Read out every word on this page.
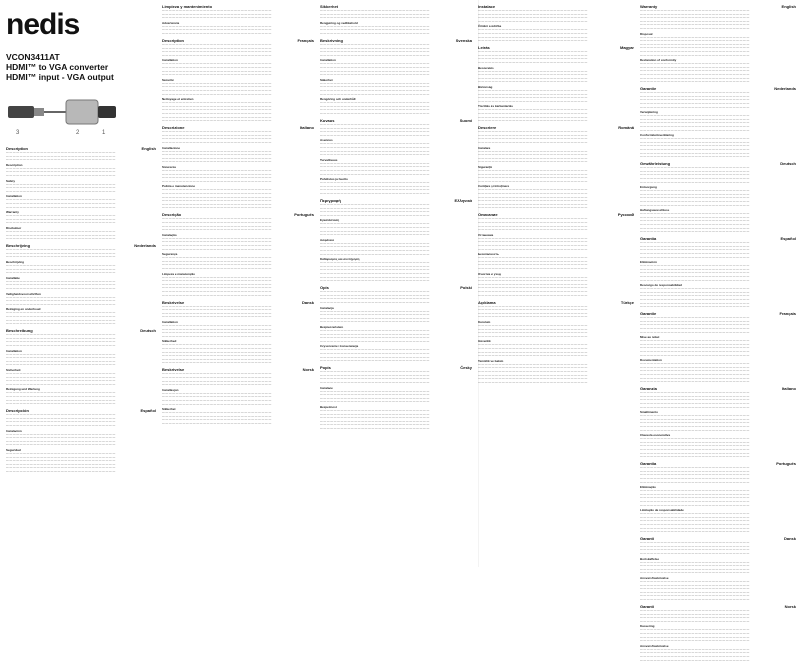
nedis
VCON3411AT
HDMI™ to VGA converter
HDMI™ input - VGA output
1
2
3
Description	English
— — — — — — — — — — — — — — — — — — — — — — — — — — — — — — — —
— — — — — — — — — — — — — — — — — — — — — — — — — — — — — — — —
— — — — — — — — — — — — — — — — — — — — — — — — — — — — — — — —
Description
— — — — — — — — — — — — — — — — — — — — — — — — — — — — — — — —
— — — — — — — — — — — — — — — — — — — — — — — — — — — — — — — —
— — — — — — — — — — — — — — — — — — — — — — — — — — — — — — — —
Safety
— — — — — — — — — — — — — — — — — — — — — — — — — — — — — — — —
— — — — — — — — — — — — — — — — — — — — — — — — — — — — — — — —
— — — — — — — — — — — — — — — — — — — — — — — — — — — — — — — —
Installation
— — — — — — — — — — — — — — — — — — — — — — — — — — — — — — — —
— — — — — — — — — — — — — — — — — — — — — — — — — — — — — — — —
— — — — — — — — — — — — — — — — — — — — — — — — — — — — — — — —
Warranty
— — — — — — — — — — — — — — — — — — — — — — — — — — — — — — — —
— — — — — — — — — — — — — — — — — — — — — — — — — — — — — — — —
— — — — — — — — — — — — — — — — — — — — — — — — — — — — — — — —
Disclaimer
— — — — — — — — — — — — — — — — — — — — — — — — — — — — — — — —
— — — — — — — — — — — — — — — — — — — — — — — — — — — — — — — —
— — — — — — — — — — — — — — — — — — — — — — — — — — — — — — — —
Beschrijving	Nederlands
— — — — — — — — — — — — — — — — — — — — — — — — — — — — — — — —
— — — — — — — — — — — — — — — — — — — — — — — — — — — — — — — —
— — — — — — — — — — — — — — — — — — — — — — — — — — — — — — — —
Beschrijving
— — — — — — — — — — — — — — — — — — — — — — — — — — — — — — — —
— — — — — — — — — — — — — — — — — — — — — — — — — — — — — — — —
— — — — — — — — — — — — — — — — — — — — — — — — — — — — — — — —
Installatie
— — — — — — — — — — — — — — — — — — — — — — — — — — — — — — — —
— — — — — — — — — — — — — — — — — — — — — — — — — — — — — — — —
— — — — — — — — — — — — — — — — — — — — — — — — — — — — — — — —
Veiligheidsvoorschriften
— — — — — — — — — — — — — — — — — — — — — — — — — — — — — — — —
— — — — — — — — — — — — — — — — — — — — — — — — — — — — — — — —
— — — — — — — — — — — — — — — — — — — — — — — — — — — — — — — —
Reiniging en onderhoud
— — — — — — — — — — — — — — — — — — — — — — — — — — — — — — — —
— — — — — — — — — — — — — — — — — — — — — — — — — — — — — — — —
— — — — — — — — — — — — — — — — — — — — — — — — — — — — — — — —
— — — — — — — — — — — — — — — — — — — — — — — — — — — — — — — —
Beschreibung	Deutsch
— — — — — — — — — — — — — — — — — — — — — — — — — — — — — — — —
— — — — — — — — — — — — — — — — — — — — — — — — — — — — — — — —
— — — — — — — — — — — — — — — — — — — — — — — — — — — — — — — —
— — — — — — — — — — — — — — — — — — — — — — — — — — — — — — — —
Installation
— — — — — — — — — — — — — — — — — — — — — — — — — — — — — — — —
— — — — — — — — — — — — — — — — — — — — — — — — — — — — — — — —
— — — — — — — — — — — — — — — — — — — — — — — — — — — — — — — —
— — — — — — — — — — — — — — — — — — — — — — — — — — — — — — — —
Sicherheit
— — — — — — — — — — — — — — — — — — — — — — — — — — — — — — — —
— — — — — — — — — — — — — — — — — — — — — — — — — — — — — — — —
— — — — — — — — — — — — — — — — — — — — — — — — — — — — — — — —
— — — — — — — — — — — — — — — — — — — — — — — — — — — — — — — —
Reinigung und Wartung
— — — — — — — — — — — — — — — — — — — — — — — — — — — — — — — —
— — — — — — — — — — — — — — — — — — — — — — — — — — — — — — — —
— — — — — — — — — — — — — — — — — — — — — — — — — — — — — — — —
— — — — — — — — — — — — — — — — — — — — — — — — — — — — — — — —
Descripción	Español
— — — — — — — — — — — — — — — — — — — — — — — — — — — — — — — —
— — — — — — — — — — — — — — — — — — — — — — — — — — — — — — — —
— — — — — — — — — — — — — — — — — — — — — — — — — — — — — — — —
— — — — — — — — — — — — — — — — — — — — — — — — — — — — — — — —
Instalación
— — — — — — — — — — — — — — — — — — — — — — — — — — — — — — — —
— — — — — — — — — — — — — — — — — — — — — — — — — — — — — — — —
— — — — — — — — — — — — — — — — — — — — — — — — — — — — — — — —
— — — — — — — — — — — — — — — — — — — — — — — — — — — — — — — —
Seguridad
— — — — — — — — — — — — — — — — — — — — — — — — — — — — — — — —
— — — — — — — — — — — — — — — — — — — — — — — — — — — — — — — —
— — — — — — — — — — — — — — — — — — — — — — — — — — — — — — — —
— — — — — — — — — — — — — — — — — — — — — — — — — — — — — — — —
— — — — — — — — — — — — — — — — — — — — — — — — — — — — — — — —
— — — — — — — — — — — — — — — — — — — — — — — — — — — — — — — —
Limpieza y mantenimiento
— — — — — — — — — — — — — — — — — — — — — — — — — — — — — — — —
— — — — — — — — — — — — — — — — — — — — — — — — — — — — — — — —
— — — — — — — — — — — — — — — — — — — — — — — — — — — — — — — —
Advertencia
— — — — — — — — — — — — — — — — — — — — — — — — — — — — — — — —
— — — — — — — — — — — — — — — — — — — — — — — — — — — — — — — —
— — — — — — — — — — — — — — — — — — — — — — — — — — — — — — — —
Description	Français
— — — — — — — — — — — — — — — — — — — — — — — — — — — — — — — —
— — — — — — — — — — — — — — — — — — — — — — — — — — — — — — — —
— — — — — — — — — — — — — — — — — — — — — — — — — — — — — — — —
— — — — — — — — — — — — — — — — — — — — — — — — — — — — — — — —
Installation
— — — — — — — — — — — — — — — — — — — — — — — — — — — — — — — —
— — — — — — — — — — — — — — — — — — — — — — — — — — — — — — — —
— — — — — — — — — — — — — — — — — — — — — — — — — — — — — — — —
— — — — — — — — — — — — — — — — — — — — — — — — — — — — — — — —
Sécurité
— — — — — — — — — — — — — — — — — — — — — — — — — — — — — — — —
— — — — — — — — — — — — — — — — — — — — — — — — — — — — — — — —
— — — — — — — — — — — — — — — — — — — — — — — — — — — — — — — —
— — — — — — — — — — — — — — — — — — — — — — — — — — — — — — — —
Nettoyage et entretien
— — — — — — — — — — — — — — — — — — — — — — — — — — — — — — — —
— — — — — — — — — — — — — — — — — — — — — — — — — — — — — — — —
— — — — — — — — — — — — — — — — — — — — — — — — — — — — — — — —
— — — — — — — — — — — — — — — — — — — — — — — — — — — — — — — —
— — — — — — — — — — — — — — — — — — — — — — — — — — — — — — — —
— — — — — — — — — — — — — — — — — — — — — — — — — — — — — — — —
Descrizione	Italiano
— — — — — — — — — — — — — — — — — — — — — — — — — — — — — — — —
— — — — — — — — — — — — — — — — — — — — — — — — — — — — — — — —
— — — — — — — — — — — — — — — — — — — — — — — — — — — — — — — —
— — — — — — — — — — — — — — — — — — — — — — — — — — — — — — — —
Installazione
— — — — — — — — — — — — — — — — — — — — — — — — — — — — — — — —
— — — — — — — — — — — — — — — — — — — — — — — — — — — — — — — —
— — — — — — — — — — — — — — — — — — — — — — — — — — — — — — — —
— — — — — — — — — — — — — — — — — — — — — — — — — — — — — — — —
Sicurezza
— — — — — — — — — — — — — — — — — — — — — — — — — — — — — — — —
— — — — — — — — — — — — — — — — — — — — — — — — — — — — — — — —
— — — — — — — — — — — — — — — — — — — — — — — — — — — — — — — —
— — — — — — — — — — — — — — — — — — — — — — — — — — — — — — — —
Pulizia e manutenzione
— — — — — — — — — — — — — — — — — — — — — — — — — — — — — — — —
— — — — — — — — — — — — — — — — — — — — — — — — — — — — — — — —
— — — — — — — — — — — — — — — — — — — — — — — — — — — — — — — —
— — — — — — — — — — — — — — — — — — — — — — — — — — — — — — — —
— — — — — — — — — — — — — — — — — — — — — — — — — — — — — — — —
— — — — — — — — — — — — — — — — — — — — — — — — — — — — — — — —
Descrição	Português
— — — — — — — — — — — — — — — — — — — — — — — — — — — — — — — —
— — — — — — — — — — — — — — — — — — — — — — — — — — — — — — — —
— — — — — — — — — — — — — — — — — — — — — — — — — — — — — — — —
— — — — — — — — — — — — — — — — — — — — — — — — — — — — — — — —
Instalação
— — — — — — — — — — — — — — — — — — — — — — — — — — — — — — — —
— — — — — — — — — — — — — — — — — — — — — — — — — — — — — — — —
— — — — — — — — — — — — — — — — — — — — — — — — — — — — — — — —
— — — — — — — — — — — — — — — — — — — — — — — — — — — — — — — —
Segurança
— — — — — — — — — — — — — — — — — — — — — — — — — — — — — — — —
— — — — — — — — — — — — — — — — — — — — — — — — — — — — — — — —
— — — — — — — — — — — — — — — — — — — — — — — — — — — — — — — —
— — — — — — — — — — — — — — — — — — — — — — — — — — — — — — — —
Limpeza e manutenção
— — — — — — — — — — — — — — — — — — — — — — — — — — — — — — — —
— — — — — — — — — — — — — — — — — — — — — — — — — — — — — — — —
— — — — — — — — — — — — — — — — — — — — — — — — — — — — — — — —
— — — — — — — — — — — — — — — — — — — — — — — — — — — — — — — —
— — — — — — — — — — — — — — — — — — — — — — — — — — — — — — — —
— — — — — — — — — — — — — — — — — — — — — — — — — — — — — — — —
Beskrivelse	Dansk
— — — — — — — — — — — — — — — — — — — — — — — — — — — — — — — —
— — — — — — — — — — — — — — — — — — — — — — — — — — — — — — — —
— — — — — — — — — — — — — — — — — — — — — — — — — — — — — — — —
— — — — — — — — — — — — — — — — — — — — — — — — — — — — — — — —
Installation
— — — — — — — — — — — — — — — — — — — — — — — — — — — — — — — —
— — — — — — — — — — — — — — — — — — — — — — — — — — — — — — — —
— — — — — — — — — — — — — — — — — — — — — — — — — — — — — — — —
— — — — — — — — — — — — — — — — — — — — — — — — — — — — — — — —
Sikkerhed
— — — — — — — — — — — — — — — — — — — — — — — — — — — — — — — —
— — — — — — — — — — — — — — — — — — — — — — — — — — — — — — — —
— — — — — — — — — — — — — — — — — — — — — — — — — — — — — — — —
— — — — — — — — — — — — — — — — — — — — — — — — — — — — — — — —
— — — — — — — — — — — — — — — — — — — — — — — — — — — — — — — —
— — — — — — — — — — — — — — — — — — — — — — — — — — — — — — — —
Beskrivelse	Norsk
— — — — — — — — — — — — — — — — — — — — — — — — — — — — — — — —
— — — — — — — — — — — — — — — — — — — — — — — — — — — — — — — —
— — — — — — — — — — — — — — — — — — — — — — — — — — — — — — — —
— — — — — — — — — — — — — — — — — — — — — — — — — — — — — — — —
Installasjon
— — — — — — — — — — — — — — — — — — — — — — — — — — — — — — — —
— — — — — — — — — — — — — — — — — — — — — — — — — — — — — — — —
— — — — — — — — — — — — — — — — — — — — — — — — — — — — — — — —
— — — — — — — — — — — — — — — — — — — — — — — — — — — — — — — —
Sikkerhet
— — — — — — — — — — — — — — — — — — — — — — — — — — — — — — — —
— — — — — — — — — — — — — — — — — — — — — — — — — — — — — — — —
— — — — — — — — — — — — — — — — — — — — — — — — — — — — — — — —
— — — — — — — — — — — — — — — — — — — — — — — — — — — — — — — —
Sikkerhet
— — — — — — — — — — — — — — — — — — — — — — — — — — — — — — — —
— — — — — — — — — — — — — — — — — — — — — — — — — — — — — — — —
— — — — — — — — — — — — — — — — — — — — — — — — — — — — — — — —
Rengjøring og vedlikehold
— — — — — — — — — — — — — — — — — — — — — — — — — — — — — — — —
— — — — — — — — — — — — — — — — — — — — — — — — — — — — — — — —
— — — — — — — — — — — — — — — — — — — — — — — — — — — — — — — —
Beskrivning	Svenska
— — — — — — — — — — — — — — — — — — — — — — — — — — — — — — — —
— — — — — — — — — — — — — — — — — — — — — — — — — — — — — — — —
— — — — — — — — — — — — — — — — — — — — — — — — — — — — — — — —
— — — — — — — — — — — — — — — — — — — — — — — — — — — — — — — —
Installation
— — — — — — — — — — — — — — — — — — — — — — — — — — — — — — — —
— — — — — — — — — — — — — — — — — — — — — — — — — — — — — — — —
— — — — — — — — — — — — — — — — — — — — — — — — — — — — — — — —
— — — — — — — — — — — — — — — — — — — — — — — — — — — — — — — —
Säkerhet
— — — — — — — — — — — — — — — — — — — — — — — — — — — — — — — —
— — — — — — — — — — — — — — — — — — — — — — — — — — — — — — — —
— — — — — — — — — — — — — — — — — — — — — — — — — — — — — — — —
— — — — — — — — — — — — — — — — — — — — — — — — — — — — — — — —
Rengöring och underhåll
— — — — — — — — — — — — — — — — — — — — — — — — — — — — — — — —
— — — — — — — — — — — — — — — — — — — — — — — — — — — — — — — —
— — — — — — — — — — — — — — — — — — — — — — — — — — — — — — — —
— — — — — — — — — — — — — — — — — — — — — — — — — — — — — — — —
Kuvaus	Suomi
— — — — — — — — — — — — — — — — — — — — — — — — — — — — — — — —
— — — — — — — — — — — — — — — — — — — — — — — — — — — — — — — —
— — — — — — — — — — — — — — — — — — — — — — — — — — — — — — — —
— — — — — — — — — — — — — — — — — — — — — — — — — — — — — — — —
Asennus
— — — — — — — — — — — — — — — — — — — — — — — — — — — — — — — —
— — — — — — — — — — — — — — — — — — — — — — — — — — — — — — — —
— — — — — — — — — — — — — — — — — — — — — — — — — — — — — — — —
— — — — — — — — — — — — — — — — — — — — — — — — — — — — — — — —
Turvallisuus
— — — — — — — — — — — — — — — — — — — — — — — — — — — — — — — —
— — — — — — — — — — — — — — — — — — — — — — — — — — — — — — — —
— — — — — — — — — — — — — — — — — — — — — — — — — — — — — — — —
— — — — — — — — — — — — — — — — — — — — — — — — — — — — — — — —
Puhdistus ja huolto
— — — — — — — — — — — — — — — — — — — — — — — — — — — — — — — —
— — — — — — — — — — — — — — — — — — — — — — — — — — — — — — — —
— — — — — — — — — — — — — — — — — — — — — — — — — — — — — — — —
— — — — — — — — — — — — — — — — — — — — — — — — — — — — — — — —
Περιγραφή	Ελληνικά
— — — — — — — — — — — — — — — — — — — — — — — — — — — — — — — —
— — — — — — — — — — — — — — — — — — — — — — — — — — — — — — — —
— — — — — — — — — — — — — — — — — — — — — — — — — — — — — — — —
— — — — — — — — — — — — — — — — — — — — — — — — — — — — — — — —
Εγκατάσταση
— — — — — — — — — — — — — — — — — — — — — — — — — — — — — — — —
— — — — — — — — — — — — — — — — — — — — — — — — — — — — — — — —
— — — — — — — — — — — — — — — — — — — — — — — — — — — — — — — —
— — — — — — — — — — — — — — — — — — — — — — — — — — — — — — — —
Ασφάλεια
— — — — — — — — — — — — — — — — — — — — — — — — — — — — — — — —
— — — — — — — — — — — — — — — — — — — — — — — — — — — — — — — —
— — — — — — — — — — — — — — — — — — — — — — — — — — — — — — — —
— — — — — — — — — — — — — — — — — — — — — — — — — — — — — — — —
Καθαρισμός και συντήρηση
— — — — — — — — — — — — — — — — — — — — — — — — — — — — — — — —
— — — — — — — — — — — — — — — — — — — — — — — — — — — — — — — —
— — — — — — — — — — — — — — — — — — — — — — — — — — — — — — — —
— — — — — — — — — — — — — — — — — — — — — — — — — — — — — — — —
— — — — — — — — — — — — — — — — — — — — — — — — — — — — — — — —
— — — — — — — — — — — — — — — — — — — — — — — — — — — — — — — —
Opis	Polski
— — — — — — — — — — — — — — — — — — — — — — — — — — — — — — — —
— — — — — — — — — — — — — — — — — — — — — — — — — — — — — — — —
— — — — — — — — — — — — — — — — — — — — — — — — — — — — — — — —
— — — — — — — — — — — — — — — — — — — — — — — — — — — — — — — —
Instalacja
— — — — — — — — — — — — — — — — — — — — — — — — — — — — — — — —
— — — — — — — — — — — — — — — — — — — — — — — — — — — — — — — —
— — — — — — — — — — — — — — — — — — — — — — — — — — — — — — — —
— — — — — — — — — — — — — — — — — — — — — — — — — — — — — — — —
Bezpieczeństwo
— — — — — — — — — — — — — — — — — — — — — — — — — — — — — — — —
— — — — — — — — — — — — — — — — — — — — — — — — — — — — — — — —
— — — — — — — — — — — — — — — — — — — — — — — — — — — — — — — —
— — — — — — — — — — — — — — — — — — — — — — — — — — — — — — — —
Czyszczenie i konserwacja
— — — — — — — — — — — — — — — — — — — — — — — — — — — — — — — —
— — — — — — — — — — — — — — — — — — — — — — — — — — — — — — — —
— — — — — — — — — — — — — — — — — — — — — — — — — — — — — — — —
— — — — — — — — — — — — — — — — — — — — — — — — — — — — — — — —
Popis	Česky
— — — — — — — — — — — — — — — — — — — — — — — — — — — — — — — —
— — — — — — — — — — — — — — — — — — — — — — — — — — — — — — — —
— — — — — — — — — — — — — — — — — — — — — — — — — — — — — — — —
— — — — — — — — — — — — — — — — — — — — — — — — — — — — — — — —
Instalace
— — — — — — — — — — — — — — — — — — — — — — — — — — — — — — — —
— — — — — — — — — — — — — — — — — — — — — — — — — — — — — — — —
— — — — — — — — — — — — — — — — — — — — — — — — — — — — — — — —
— — — — — — — — — — — — — — — — — — — — — — — — — — — — — — — —
Bezpečnost
— — — — — — — — — — — — — — — — — — — — — — — — — — — — — — — —
— — — — — — — — — — — — — — — — — — — — — — — — — — — — — — — —
— — — — — — — — — — — — — — — — — — — — — — — — — — — — — — — —
— — — — — — — — — — — — — — — — — — — — — — — — — — — — — — — —
— — — — — — — — — — — — — — — — — — — — — — — — — — — — — — — —
— — — — — — — — — — — — — — — — — — — — — — — — — — — — — — — —
Instalace
— — — — — — — — — — — — — — — — — — — — — — — — — — — — — — — —
— — — — — — — — — — — — — — — — — — — — — — — — — — — — — — — —
— — — — — — — — — — — — — — — — — — — — — — — — — — — — — — — —
— — — — — — — — — — — — — — — — — — — — — — — — — — — — — — — —
Čištění a údržba
— — — — — — — — — — — — — — — — — — — — — — — — — — — — — — — —
— — — — — — — — — — — — — — — — — — — — — — — — — — — — — — — —
— — — — — — — — — — — — — — — — — — — — — — — — — — — — — — — —
— — — — — — — — — — — — — — — — — — — — — — — — — — — — — — — —
Leírás	Magyar
— — — — — — — — — — — — — — — — — — — — — — — — — — — — — — — —
— — — — — — — — — — — — — — — — — — — — — — — — — — — — — — — —
— — — — — — — — — — — — — — — — — — — — — — — — — — — — — — — —
— — — — — — — — — — — — — — — — — — — — — — — — — — — — — — — —
Beszerelés
— — — — — — — — — — — — — — — — — — — — — — — — — — — — — — — —
— — — — — — — — — — — — — — — — — — — — — — — — — — — — — — — —
— — — — — — — — — — — — — — — — — — — — — — — — — — — — — — — —
— — — — — — — — — — — — — — — — — — — — — — — — — — — — — — — —
Biztonság
— — — — — — — — — — — — — — — — — — — — — — — — — — — — — — — —
— — — — — — — — — — — — — — — — — — — — — — — — — — — — — — — —
— — — — — — — — — — — — — — — — — — — — — — — — — — — — — — — —
— — — — — — — — — — — — — — — — — — — — — — — — — — — — — — — —
Tisztítás és karbantartás
— — — — — — — — — — — — — — — — — — — — — — — — — — — — — — — —
— — — — — — — — — — — — — — — — — — — — — — — — — — — — — — — —
— — — — — — — — — — — — — — — — — — — — — — — — — — — — — — — —
— — — — — — — — — — — — — — — — — — — — — — — — — — — — — — — —
Descriere	Română
— — — — — — — — — — — — — — — — — — — — — — — — — — — — — — — —
— — — — — — — — — — — — — — — — — — — — — — — — — — — — — — — —
— — — — — — — — — — — — — — — — — — — — — — — — — — — — — — — —
— — — — — — — — — — — — — — — — — — — — — — — — — — — — — — — —
Instalare
— — — — — — — — — — — — — — — — — — — — — — — — — — — — — — — —
— — — — — — — — — — — — — — — — — — — — — — — — — — — — — — — —
— — — — — — — — — — — — — — — — — — — — — — — — — — — — — — — —
— — — — — — — — — — — — — — — — — — — — — — — — — — — — — — — —
Siguranţă
— — — — — — — — — — — — — — — — — — — — — — — — — — — — — — — —
— — — — — — — — — — — — — — — — — — — — — — — — — — — — — — — —
— — — — — — — — — — — — — — — — — — — — — — — — — — — — — — — —
— — — — — — — — — — — — — — — — — — — — — — — — — — — — — — — —
Curăţare şi întreţinere
— — — — — — — — — — — — — — — — — — — — — — — — — — — — — — — —
— — — — — — — — — — — — — — — — — — — — — — — — — — — — — — — —
— — — — — — — — — — — — — — — — — — — — — — — — — — — — — — — —
— — — — — — — — — — — — — — — — — — — — — — — — — — — — — — — —
— — — — — — — — — — — — — — — — — — — — — — — — — — — — — — — —
— — — — — — — — — — — — — — — — — — — — — — — — — — — — — — — —
Описание	Русский
— — — — — — — — — — — — — — — — — — — — — — — — — — — — — — — —
— — — — — — — — — — — — — — — — — — — — — — — — — — — — — — — —
— — — — — — — — — — — — — — — — — — — — — — — — — — — — — — — —
— — — — — — — — — — — — — — — — — — — — — — — — — — — — — — — —
Установка
— — — — — — — — — — — — — — — — — — — — — — — — — — — — — — — —
— — — — — — — — — — — — — — — — — — — — — — — — — — — — — — — —
— — — — — — — — — — — — — — — — — — — — — — — — — — — — — — — —
— — — — — — — — — — — — — — — — — — — — — — — — — — — — — — — —
Безопасность
— — — — — — — — — — — — — — — — — — — — — — — — — — — — — — — —
— — — — — — — — — — — — — — — — — — — — — — — — — — — — — — — —
— — — — — — — — — — — — — — — — — — — — — — — — — — — — — — — —
— — — — — — — — — — — — — — — — — — — — — — — — — — — — — — — —
Очистка и уход
— — — — — — — — — — — — — — — — — — — — — — — — — — — — — — — —
— — — — — — — — — — — — — — — — — — — — — — — — — — — — — — — —
— — — — — — — — — — — — — — — — — — — — — — — — — — — — — — — —
— — — — — — — — — — — — — — — — — — — — — — — — — — — — — — — —
— — — — — — — — — — — — — — — — — — — — — — — — — — — — — — — —
— — — — — — — — — — — — — — — — — — — — — — — — — — — — — — — —
Açıklama	Türkçe
— — — — — — — — — — — — — — — — — — — — — — — — — — — — — — — —
— — — — — — — — — — — — — — — — — — — — — — — — — — — — — — — —
— — — — — — — — — — — — — — — — — — — — — — — — — — — — — — — —
— — — — — — — — — — — — — — — — — — — — — — — — — — — — — — — —
Kurulum
— — — — — — — — — — — — — — — — — — — — — — — — — — — — — — — —
— — — — — — — — — — — — — — — — — — — — — — — — — — — — — — — —
— — — — — — — — — — — — — — — — — — — — — — — — — — — — — — — —
— — — — — — — — — — — — — — — — — — — — — — — — — — — — — — — —
Güvenlik
— — — — — — — — — — — — — — — — — — — — — — — — — — — — — — — —
— — — — — — — — — — — — — — — — — — — — — — — — — — — — — — — —
— — — — — — — — — — — — — — — — — — — — — — — — — — — — — — — —
— — — — — — — — — — — — — — — — — — — — — — — — — — — — — — — —
Temizlik ve bakım
— — — — — — — — — — — — — — — — — — — — — — — — — — — — — — — —
— — — — — — — — — — — — — — — — — — — — — — — — — — — — — — — —
— — — — — — — — — — — — — — — — — — — — — — — — — — — — — — — —
— — — — — — — — — — — — — — — — — — — — — — — — — — — — — — — —
— — — — — — — — — — — — — — — — — — — — — — — — — — — — — — — —
— — — — — — — — — — — — — — — — — — — — — — — — — — — — — — — —
Warranty	English
— — — — — — — — — — — — — — — — — — — — — — — — — — — — — — — —
— — — — — — — — — — — — — — — — — — — — — — — — — — — — — — — —
— — — — — — — — — — — — — — — — — — — — — — — — — — — — — — — —
— — — — — — — — — — — — — — — — — — — — — — — — — — — — — — — —
— — — — — — — — — — — — — — — — — — — — — — — — — — — — — — — —
— — — — — — — — — — — — — — — — — — — — — — — — — — — — — — — —
Disposal
— — — — — — — — — — — — — — — — — — — — — — — — — — — — — — — —
— — — — — — — — — — — — — — — — — — — — — — — — — — — — — — — —
— — — — — — — — — — — — — — — — — — — — — — — — — — — — — — — —
— — — — — — — — — — — — — — — — — — — — — — — — — — — — — — — —
— — — — — — — — — — — — — — — — — — — — — — — — — — — — — — — —
— — — — — — — — — — — — — — — — — — — — — — — — — — — — — — — —
Declaration of conformity
— — — — — — — — — — — — — — — — — — — — — — — — — — — — — — — —
— — — — — — — — — — — — — — — — — — — — — — — — — — — — — — — —
— — — — — — — — — — — — — — — — — — — — — — — — — — — — — — — —
— — — — — — — — — — — — — — — — — — — — — — — — — — — — — — — —
— — — — — — — — — — — — — — — — — — — — — — — — — — — — — — — —
— — — — — — — — — — — — — — — — — — — — — — — — — — — — — — — —
Garantie	Nederlands
— — — — — — — — — — — — — — — — — — — — — — — — — — — — — — — —
— — — — — — — — — — — — — — — — — — — — — — — — — — — — — — — —
— — — — — — — — — — — — — — — — — — — — — — — — — — — — — — — —
— — — — — — — — — — — — — — — — — — — — — — — — — — — — — — — —
— — — — — — — — — — — — — — — — — — — — — — — — — — — — — — — —
Verwijdering
— — — — — — — — — — — — — — — — — — — — — — — — — — — — — — — —
— — — — — — — — — — — — — — — — — — — — — — — — — — — — — — — —
— — — — — — — — — — — — — — — — — — — — — — — — — — — — — — — —
— — — — — — — — — — — — — — — — — — — — — — — — — — — — — — — —
— — — — — — — — — — — — — — — — — — — — — — — — — — — — — — — —
Conformiteitsverklaring
— — — — — — — — — — — — — — — — — — — — — — — — — — — — — — — —
— — — — — — — — — — — — — — — — — — — — — — — — — — — — — — — —
— — — — — — — — — — — — — — — — — — — — — — — — — — — — — — — —
— — — — — — — — — — — — — — — — — — — — — — — — — — — — — — — —
— — — — — — — — — — — — — — — — — — — — — — — — — — — — — — — —
— — — — — — — — — — — — — — — — — — — — — — — — — — — — — — — —
Gewährleistung	Deutsch
— — — — — — — — — — — — — — — — — — — — — — — — — — — — — — — —
— — — — — — — — — — — — — — — — — — — — — — — — — — — — — — — —
— — — — — — — — — — — — — — — — — — — — — — — — — — — — — — — —
— — — — — — — — — — — — — — — — — — — — — — — — — — — — — — — —
— — — — — — — — — — — — — — — — — — — — — — — — — — — — — — — —
Entsorgung
— — — — — — — — — — — — — — — — — — — — — — — — — — — — — — — —
— — — — — — — — — — — — — — — — — — — — — — — — — — — — — — — —
— — — — — — — — — — — — — — — — — — — — — — — — — — — — — — — —
— — — — — — — — — — — — — — — — — — — — — — — — — — — — — — — —
— — — — — — — — — — — — — — — — — — — — — — — — — — — — — — — —
Haftungsausschluss
— — — — — — — — — — — — — — — — — — — — — — — — — — — — — — — —
— — — — — — — — — — — — — — — — — — — — — — — — — — — — — — — —
— — — — — — — — — — — — — — — — — — — — — — — — — — — — — — — —
— — — — — — — — — — — — — — — — — — — — — — — — — — — — — — — —
— — — — — — — — — — — — — — — — — — — — — — — — — — — — — — — —
— — — — — — — — — — — — — — — — — — — — — — — — — — — — — — — —
Garantía	Español
— — — — — — — — — — — — — — — — — — — — — — — — — — — — — — — —
— — — — — — — — — — — — — — — — — — — — — — — — — — — — — — — —
— — — — — — — — — — — — — — — — — — — — — — — — — — — — — — — —
— — — — — — — — — — — — — — — — — — — — — — — — — — — — — — — —
— — — — — — — — — — — — — — — — — — — — — — — — — — — — — — — —
Eliminación
— — — — — — — — — — — — — — — — — — — — — — — — — — — — — — — —
— — — — — — — — — — — — — — — — — — — — — — — — — — — — — — — —
— — — — — — — — — — — — — — — — — — — — — — — — — — — — — — — —
— — — — — — — — — — — — — — — — — — — — — — — — — — — — — — — —
— — — — — — — — — — — — — — — — — — — — — — — — — — — — — — — —
Descargo de responsabilidad
— — — — — — — — — — — — — — — — — — — — — — — — — — — — — — — —
— — — — — — — — — — — — — — — — — — — — — — — — — — — — — — — —
— — — — — — — — — — — — — — — — — — — — — — — — — — — — — — — —
— — — — — — — — — — — — — — — — — — — — — — — — — — — — — — — —
— — — — — — — — — — — — — — — — — — — — — — — — — — — — — — — —
— — — — — — — — — — — — — — — — — — — — — — — — — — — — — — — —
Garantie	Français
— — — — — — — — — — — — — — — — — — — — — — — — — — — — — — — —
— — — — — — — — — — — — — — — — — — — — — — — — — — — — — — — —
— — — — — — — — — — — — — — — — — — — — — — — — — — — — — — — —
— — — — — — — — — — — — — — — — — — — — — — — — — — — — — — — —
— — — — — — — — — — — — — — — — — — — — — — — — — — — — — — — —
Mise au rebut
— — — — — — — — — — — — — — — — — — — — — — — — — — — — — — — —
— — — — — — — — — — — — — — — — — — — — — — — — — — — — — — — —
— — — — — — — — — — — — — — — — — — — — — — — — — — — — — — — —
— — — — — — — — — — — — — — — — — — — — — — — — — — — — — — — —
— — — — — — — — — — — — — — — — — — — — — — — — — — — — — — — —
Documentation
— — — — — — — — — — — — — — — — — — — — — — — — — — — — — — — —
— — — — — — — — — — — — — — — — — — — — — — — — — — — — — — — —
— — — — — — — — — — — — — — — — — — — — — — — — — — — — — — — —
— — — — — — — — — — — — — — — — — — — — — — — — — — — — — — — —
— — — — — — — — — — — — — — — — — — — — — — — — — — — — — — — —
— — — — — — — — — — — — — — — — — — — — — — — — — — — — — — — —
Garanzia	Italiano
— — — — — — — — — — — — — — — — — — — — — — — — — — — — — — — —
— — — — — — — — — — — — — — — — — — — — — — — — — — — — — — — —
— — — — — — — — — — — — — — — — — — — — — — — — — — — — — — — —
— — — — — — — — — — — — — — — — — — — — — — — — — — — — — — — —
— — — — — — — — — — — — — — — — — — — — — — — — — — — — — — — —
Smaltimento
— — — — — — — — — — — — — — — — — — — — — — — — — — — — — — — —
— — — — — — — — — — — — — — — — — — — — — — — — — — — — — — — —
— — — — — — — — — — — — — — — — — — — — — — — — — — — — — — — —
— — — — — — — — — — — — — — — — — — — — — — — — — — — — — — — —
— — — — — — — — — — — — — — — — — — — — — — — — — — — — — — — —
Clausola esonerativa
— — — — — — — — — — — — — — — — — — — — — — — — — — — — — — — —
— — — — — — — — — — — — — — — — — — — — — — — — — — — — — — — —
— — — — — — — — — — — — — — — — — — — — — — — — — — — — — — — —
— — — — — — — — — — — — — — — — — — — — — — — — — — — — — — — —
— — — — — — — — — — — — — — — — — — — — — — — — — — — — — — — —
— — — — — — — — — — — — — — — — — — — — — — — — — — — — — — — —
Garantia	Português
— — — — — — — — — — — — — — — — — — — — — — — — — — — — — — — —
— — — — — — — — — — — — — — — — — — — — — — — — — — — — — — — —
— — — — — — — — — — — — — — — — — — — — — — — — — — — — — — — —
— — — — — — — — — — — — — — — — — — — — — — — — — — — — — — — —
— — — — — — — — — — — — — — — — — — — — — — — — — — — — — — — —
Eliminação
— — — — — — — — — — — — — — — — — — — — — — — — — — — — — — — —
— — — — — — — — — — — — — — — — — — — — — — — — — — — — — — — —
— — — — — — — — — — — — — — — — — — — — — — — — — — — — — — — —
— — — — — — — — — — — — — — — — — — — — — — — — — — — — — — — —
— — — — — — — — — — — — — — — — — — — — — — — — — — — — — — — —
Limitação de responsabilidade
— — — — — — — — — — — — — — — — — — — — — — — — — — — — — — — —
— — — — — — — — — — — — — — — — — — — — — — — — — — — — — — — —
— — — — — — — — — — — — — — — — — — — — — — — — — — — — — — — —
— — — — — — — — — — — — — — — — — — — — — — — — — — — — — — — —
— — — — — — — — — — — — — — — — — — — — — — — — — — — — — — — —
— — — — — — — — — — — — — — — — — — — — — — — — — — — — — — — —
Garanti	Dansk
— — — — — — — — — — — — — — — — — — — — — — — — — — — — — — — —
— — — — — — — — — — — — — — — — — — — — — — — — — — — — — — — —
— — — — — — — — — — — — — — — — — — — — — — — — — — — — — — — —
— — — — — — — — — — — — — — — — — — — — — — — — — — — — — — — —
Bortskaffelse
— — — — — — — — — — — — — — — — — — — — — — — — — — — — — — — —
— — — — — — — — — — — — — — — — — — — — — — — — — — — — — — — —
— — — — — — — — — — — — — — — — — — — — — — — — — — — — — — — —
— — — — — — — — — — — — — — — — — — — — — — — — — — — — — — — —
Ansvarsfraskrivelse
— — — — — — — — — — — — — — — — — — — — — — — — — — — — — — — —
— — — — — — — — — — — — — — — — — — — — — — — — — — — — — — — —
— — — — — — — — — — — — — — — — — — — — — — — — — — — — — — — —
— — — — — — — — — — — — — — — — — — — — — — — — — — — — — — — —
— — — — — — — — — — — — — — — — — — — — — — — — — — — — — — — —
— — — — — — — — — — — — — — — — — — — — — — — — — — — — — — — —
Garanti	Norsk
— — — — — — — — — — — — — — — — — — — — — — — — — — — — — — — —
— — — — — — — — — — — — — — — — — — — — — — — — — — — — — — — —
— — — — — — — — — — — — — — — — — — — — — — — — — — — — — — — —
— — — — — — — — — — — — — — — — — — — — — — — — — — — — — — — —
Kassering
— — — — — — — — — — — — — — — — — — — — — — — — — — — — — — — —
— — — — — — — — — — — — — — — — — — — — — — — — — — — — — — — —
— — — — — — — — — — — — — — — — — — — — — — — — — — — — — — — —
— — — — — — — — — — — — — — — — — — — — — — — — — — — — — — — —
Ansvarsfraskrivelse
— — — — — — — — — — — — — — — — — — — — — — — — — — — — — — — —
— — — — — — — — — — — — — — — — — — — — — — — — — — — — — — — —
— — — — — — — — — — — — — — — — — — — — — — — — — — — — — — — —
— — — — — — — — — — — — — — — — — — — — — — — — — — — — — — — —
